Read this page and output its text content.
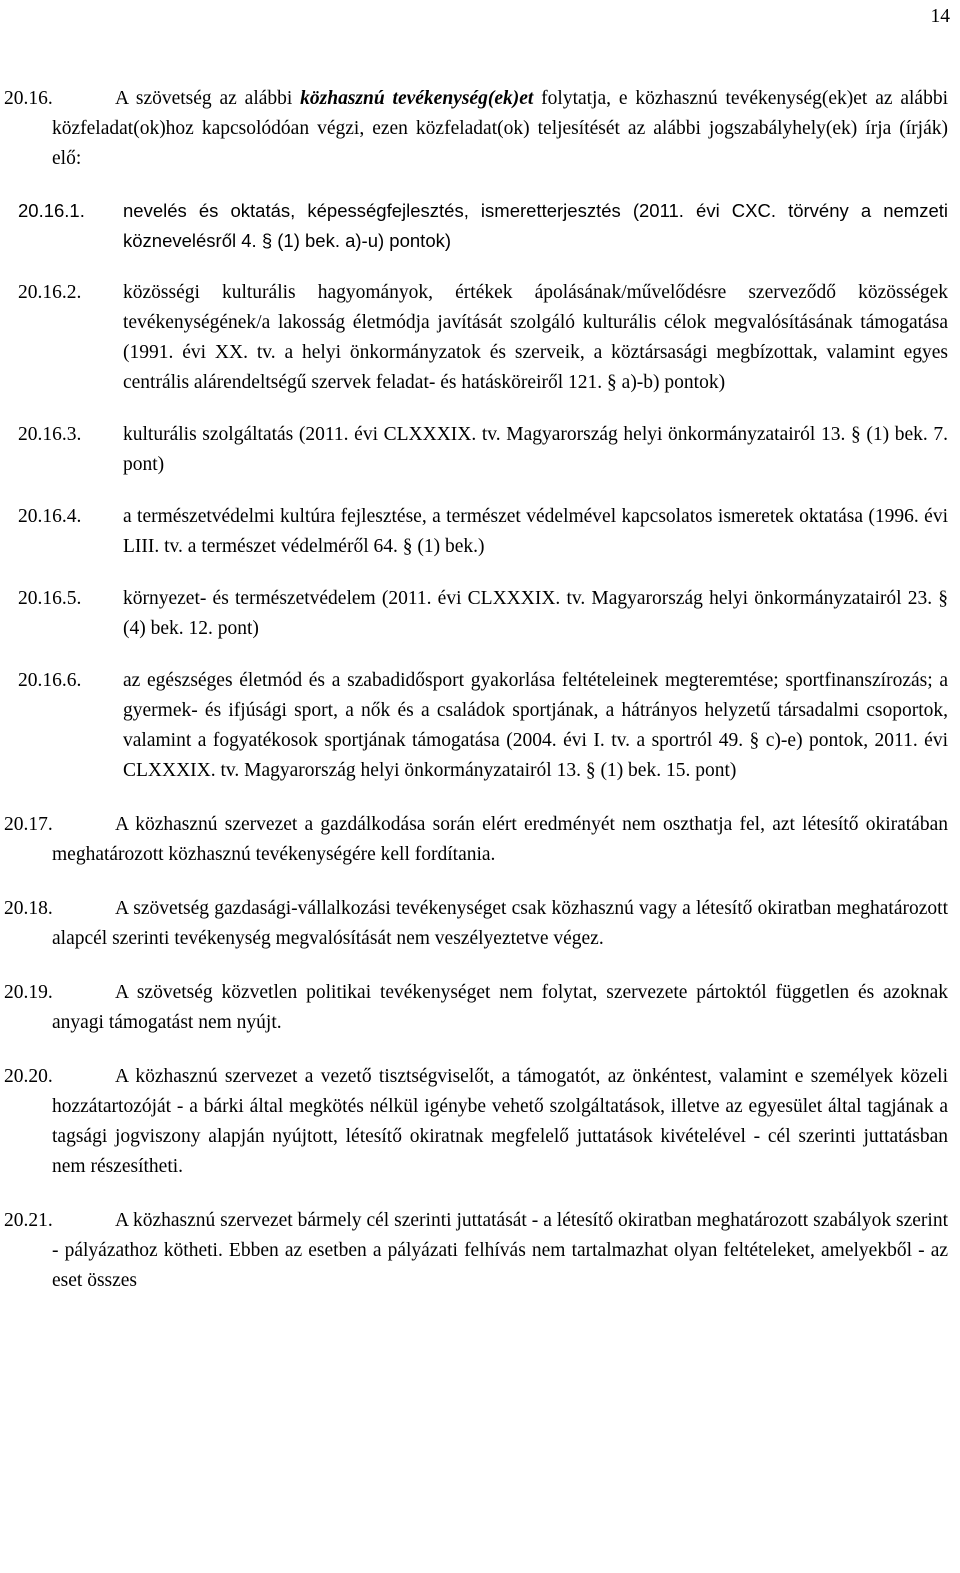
14

20.16.	A szövetség az alábbi közhasznú tevékenység(ek)et folytatja, e közhasznú tevékenység(ek)et az alábbi közfeladat(ok)hoz kapcsolódóan végzi, ezen közfeladat(ok) teljesítését az alábbi jogszabályhely(ek) írja (írják) elő:

20.16.1. nevelés és oktatás, képességfejlesztés, ismeretterjesztés (2011. évi CXC. törvény a nemzeti köznevelésről 4. § (1) bek. a)-u) pontok)

20.16.2. közösségi kulturális hagyományok, értékek ápolásának/művelődésre szerveződő közösségek tevékenységének/a lakosság életmódja javítását szolgáló kulturális célok megvalósításának támogatása (1991. évi XX. tv. a helyi önkormányzatok és szerveik, a köztársasági megbízottak, valamint egyes centrális alárendeltségű szervek feladat- és hatásköreiről 121. § a)-b) pontok)

20.16.3. kulturális szolgáltatás (2011. évi CLXXXIX. tv. Magyarország helyi önkormányzatairól 13. § (1) bek. 7. pont)

20.16.4. a természetvédelmi kultúra fejlesztése, a természet védelmével kapcsolatos ismeretek oktatása (1996. évi LIII. tv. a természet védelméről 64. § (1) bek.)

20.16.5. környezet- és természetvédelem (2011. évi CLXXXIX. tv. Magyarország helyi önkormányzatairól 23. § (4) bek. 12. pont)

20.16.6. az egészséges életmód és a szabadidősport gyakorlása feltételeinek megteremtése; sportfinanszírozás; a gyermek- és ifjúsági sport, a nők és a családok sportjának, a hátrányos helyzetű társadalmi csoportok, valamint a fogyatékosok sportjának támogatása (2004. évi I. tv. a sportról 49. § c)-e) pontok, 2011. évi CLXXXIX. tv. Magyarország helyi önkormányzatairól 13. § (1) bek. 15. pont)

20.17.	A közhasznú szervezet a gazdálkodása során elért eredményét nem oszthatja fel, azt létesítő okiratában meghatározott közhasznú tevékenységére kell fordítania.

20.18.	A szövetség gazdasági-vállalkozási tevékenységet csak közhasznú vagy a létesítő okiratban meghatározott alapcél szerinti tevékenység megvalósítását nem veszélyeztetve végez.

20.19.	A szövetség közvetlen politikai tevékenységet nem folytat, szervezete pártoktól független és azoknak anyagi támogatást nem nyújt.

20.20.	A közhasznú szervezet a vezető tisztségviselőt, a támogatót, az önkéntest, valamint e személyek közeli hozzátartozóját - a bárki által megkötés nélkül igénybe vehető szolgáltatások, illetve az egyesület által tagjának a tagsági jogviszony alapján nyújtott, létesítő okiratnak megfelelő juttatások kivételével - cél szerinti juttatásban nem részesítheti.

20.21.	A közhasznú szervezet bármely cél szerinti juttatását - a létesítő okiratban meghatározott szabályok szerint - pályázathoz kötheti. Ebben az esetben a pályázati felhívás nem tartalmazhat olyan feltételeket, amelyekből - az eset összes
